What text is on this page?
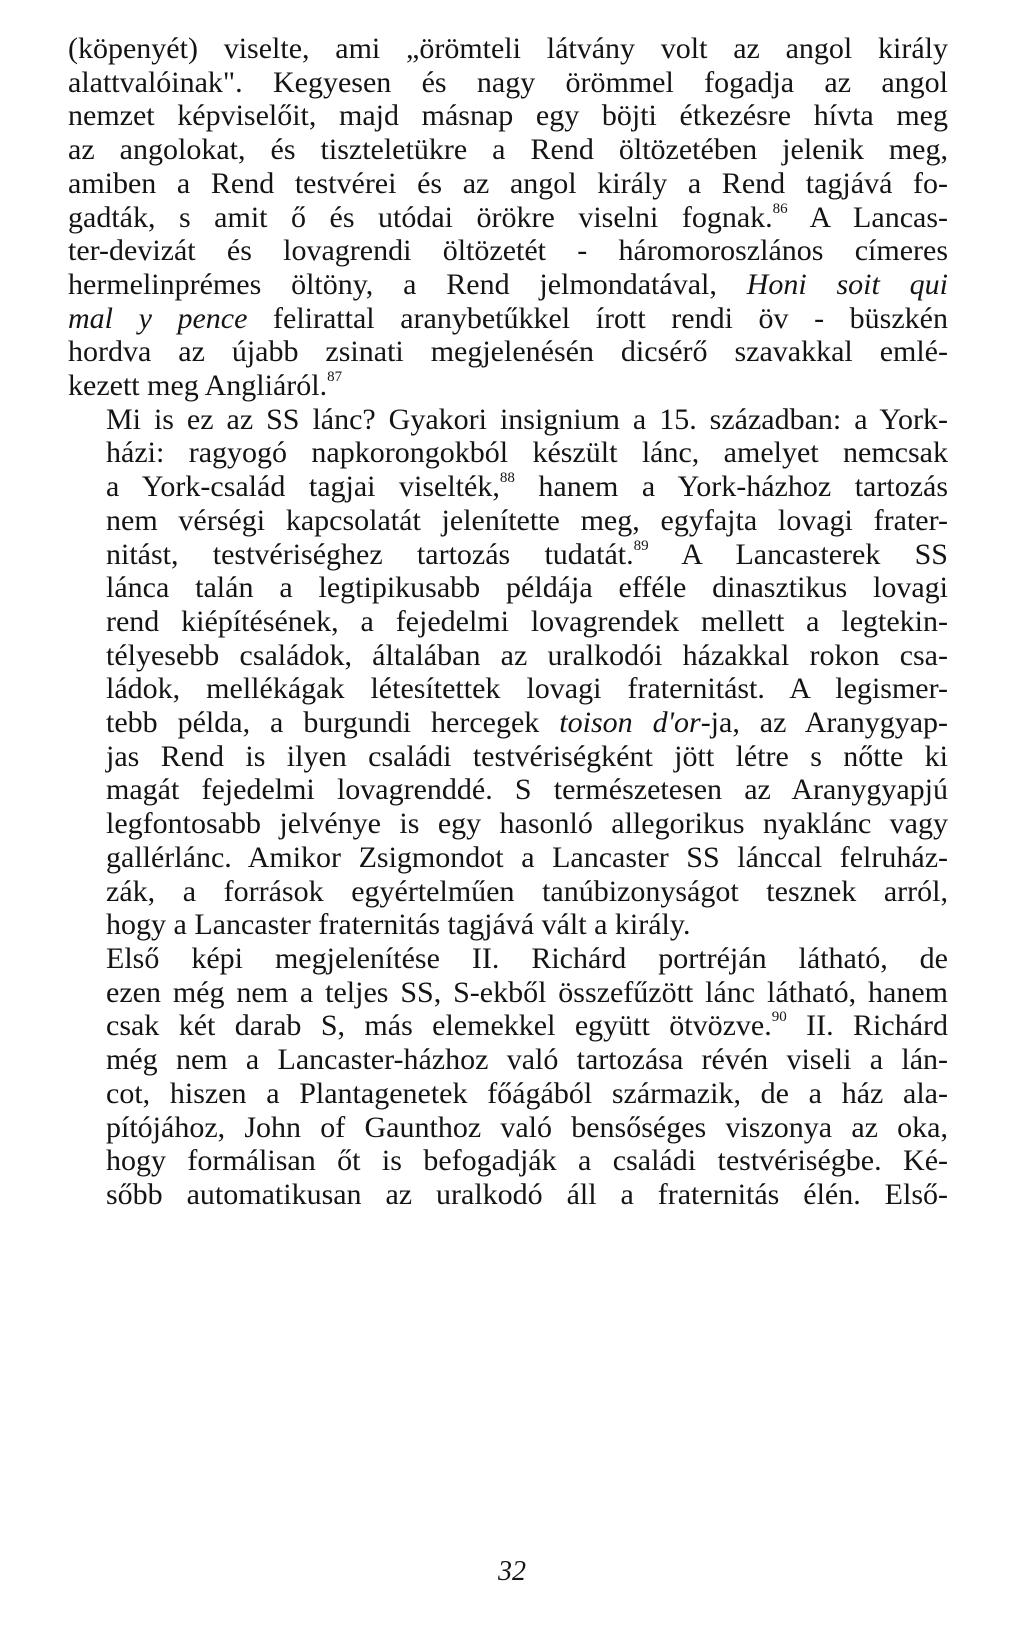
(köpenyét) viselte, ami „örömteli látvány volt az angol király
alattvalóinak". Kegyesen és nagy örömmel fogadja az angol
nemzet képviselőit, majd másnap egy böjti étkezésre hívta meg
az angolokat, és tiszteletükre a Rend öltözetében jelenik meg,
amiben a Rend testvérei és az angol király a Rend tagjává fo-
gadták, s amit ő és utódai örökre viselni fognak.$^{86}$ A Lancas-
ter-devizát és lovagrendi öltözetét - háromoroszlános címeres
hermelinprémes öltöny, a Rend jelmondatával, Honi soit qui
mal y pence felirattal aranybetűkkel írott rendi öv - büszkén
hordva az újabb zsinati megjelenésén dicsérő szavakkal emlé-
kezett meg Angliáról.$^{87}$
Mi is ez az SS lánc? Gyakori insignium a 15. században: a York-
házi: ragyogó napkorongokból készült lánc, amelyet nemcsak
a York-család tagjai viselték,$^{88}$ hanem a York-házhoz tartozás
nem vérségi kapcsolatát jelenítette meg, egyfajta lovagi frater-
nitást, testvériséghez tartozás tudatát.$^{89}$ A Lancasterek SS
lánca talán a legtipikusabb példája efféle dinasztikus lovagi
rend kiépítésének, a fejedelmi lovagrendek mellett a legtekin-
télyesebb családok, általában az uralkodói házakkal rokon csa-
ládok, mellékágak létesítettek lovagi fraternitást. A legismer-
tebb példa, a burgundi hercegek toison d'or-ja, az Aranygyap-
jas Rend is ilyen családi testvériségként jött létre s nőtte ki
magát fejedelmi lovagrenddé. S természetesen az Aranygyapjú
legfontosabb jelvénye is egy hasonló allegorikus nyaklánc vagy
gallérlánc. Amikor Zsigmondot a Lancaster SS lánccal felruház-
zák, a források egyértelműen tanúbizonyságot tesznek arról,
hogy a Lancaster fraternitás tagjává vált a király.
Első képi megjelenítése II. Richárd portréján látható, de
ezen még nem a teljes SS, S-ekből összefűzött lánc látható, hanem
csak két darab S, más elemekkel együtt ötvözve.$^{90}$ II. Richárd
még nem a Lancaster-házhoz való tartozása révén viseli a lán-
cot, hiszen a Plantagenetek főágából származik, de a ház ala-
pítójához, John of Gaunthoz való bensőséges viszonya az oka,
hogy formálisan őt is befogadják a családi testvériségbe. Ké-
sőbb automatikusan az uralkodó áll a fraternitás élén. Első-
32
